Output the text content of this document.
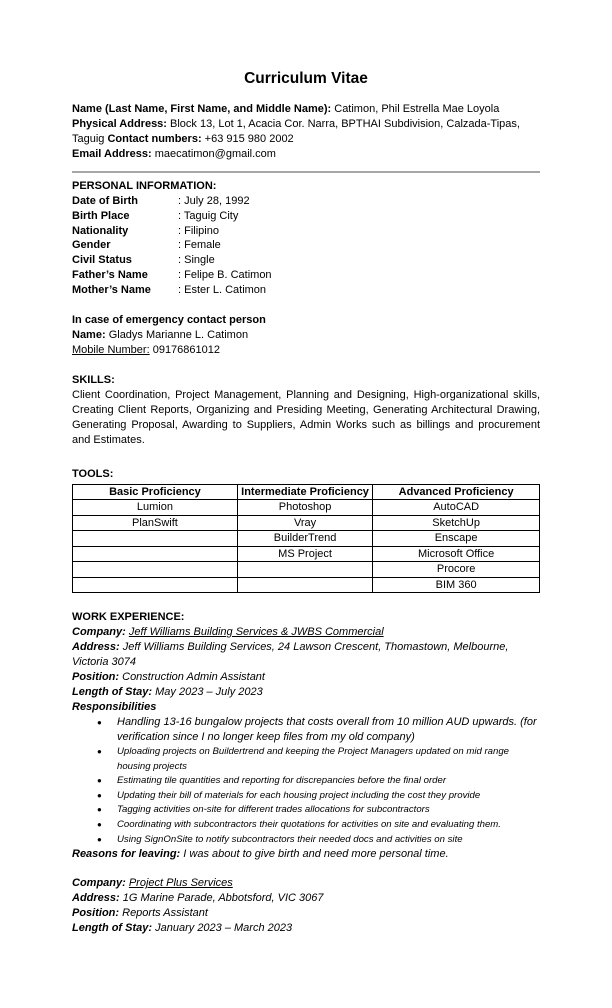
Curriculum Vitae

Name (Last Name, First Name, and Middle Name): Catimon, Phil Estrella Mae Loyola

Physical Address: Block 13, Lot 1, Acacia Cor. Narra, BPTHAI Subdivision, Calzada-Tipas, Taguig Contact numbers: +63 915 980 2002

Email Address: maecatimon@gmail.com

PERSONAL INFORMATION:
Date of Birth	: July 28, 1992
Birth Place	: Taguig City
Nationality	: Filipino
Gender	: Female
Civil Status	: Single
Father’s Name	: Felipe B. Catimon
Mother’s Name	: Ester L. Catimon
In case of emergency contact person

Name: Gladys Marianne L. Catimon

Mobile Number: 09176861012

SKILLS:

Client Coordination, Project Management, Planning and Designing, High-organizational skills, Creating Client Reports, Organizing and Presiding Meeting, Generating Architectural Drawing, Generating Proposal, Awarding to Suppliers, Admin Works such as billings and procurement and Estimates.

TOOLS:
Basic Proficiency	Intermediate Proficiency	Advanced Proficiency
Lumion	Photoshop	AutoCAD
PlanSwift	Vray	SketchUp
	BuilderTrend	Enscape
	MS Project	Microsoft Office
		Procore
		BIM 360
WORK EXPERIENCE:

Company: Jeff Williams Building Services & JWBS Commercial

Address: Jeff Williams Building Services, 24 Lawson Crescent, Thomastown, Melbourne, Victoria 3074

Position: Construction Admin Assistant

Length of Stay: May 2023 – July 2023

Responsibilities

● Handling 13-16 bungalow projects that costs overall from 10 million AUD upwards. (for verification since I no longer keep files from my old company)
● Uploading projects on Buildertrend and keeping the Project Managers updated on mid range housing projects
● Estimating tile quantities and reporting for discrepancies before the final order
● Updating their bill of materials for each housing project including the cost they provide
● Tagging activities on-site for different trades allocations for subcontractors
● Coordinating with subcontractors their quotations for activities on site and evaluating them.
● Using SignOnSite to notify subcontractors their needed docs and activities on site

Reasons for leaving: I was about to give birth and need more personal time.

Company: Project Plus Services

Address: 1G Marine Parade, Abbotsford, VIC 3067

Position: Reports Assistant

Length of Stay: January 2023 – March 2023
